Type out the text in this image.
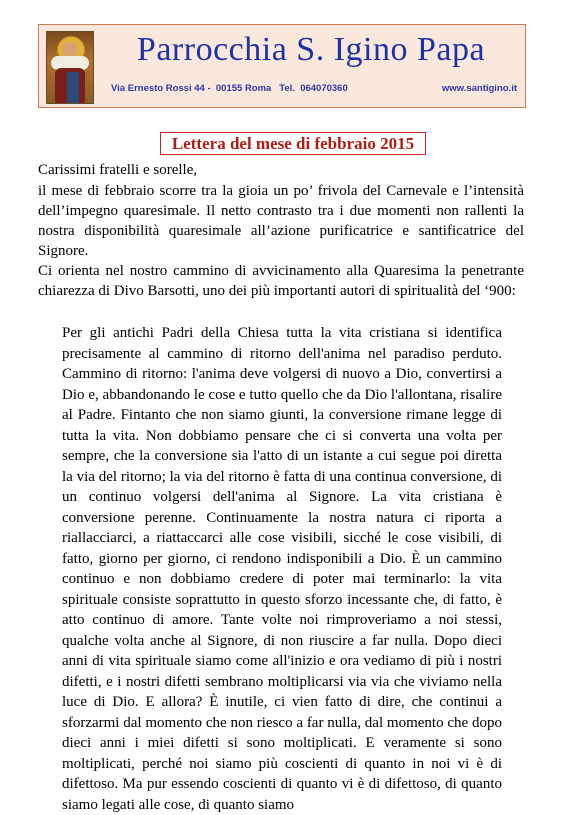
Parrocchia S. Igino Papa
Via Ernesto Rossi 44 -  00155 Roma   Tel.  064070360	www.santigino.it
Lettera del mese di febbraio 2015

Carissimi fratelli e sorelle,

il mese di febbraio scorre tra la gioia un po’ frivola del Carnevale e l’intensità dell’impegno quaresimale. Il netto contrasto tra i due momenti non rallenti la nostra disponibilità quaresimale all’azione purificatrice e santificatrice del Signore.

Ci orienta nel nostro cammino di avvicinamento alla Quaresima la penetrante chiarezza di Divo Barsotti, uno dei più importanti autori di spiritualità del ‘900:

Per gli antichi Padri della Chiesa tutta la vita cristiana si identifica precisamente al cammino di ritorno dell'anima nel paradiso perduto. Cammino di ritorno: l'anima deve volgersi di nuovo a Dio, convertirsi a Dio e, abbandonando le cose e tutto quello che da Dio l'allontana, risalire al Padre. Fintanto che non siamo giunti, la conversione rimane legge di tutta la vita. Non dobbiamo pensare che ci si converta una volta per sempre, che la conversione sia l'atto di un istante a cui segue poi diretta la via del ritorno; la via del ritorno è fatta di una continua conversione, di un continuo volgersi dell'anima al Signore. La vita cristiana è conversione perenne. Continuamente la nostra natura ci riporta a riallacciarci, a riattaccarci alle cose visibili, sicché le cose visibili, di fatto, giorno per giorno, ci rendono indisponibili a Dio. È un cammino continuo e non dobbiamo credere di poter mai terminarlo: la vita spirituale consiste soprattutto in questo sforzo incessante che, di fatto, è atto continuo di amore. Tante volte noi rimproveriamo a noi stessi, qualche volta anche al Signore, di non riuscire a far nulla. Dopo dieci anni di vita spirituale siamo come all'inizio e ora vediamo di più i nostri difetti, e i nostri difetti sembrano moltiplicarsi via via che viviamo nella luce di Dio. E allora? È inutile, ci vien fatto di dire, che continui a sforzarmi dal momento che non riesco a far nulla, dal momento che dopo dieci anni i miei difetti si sono moltiplicati. E veramente si sono moltiplicati, perché noi siamo più coscienti di quanto in noi vi è di difettoso. Ma pur essendo coscienti di quanto vi è di difettoso, di quanto siamo legati alle cose, di quanto siamo
